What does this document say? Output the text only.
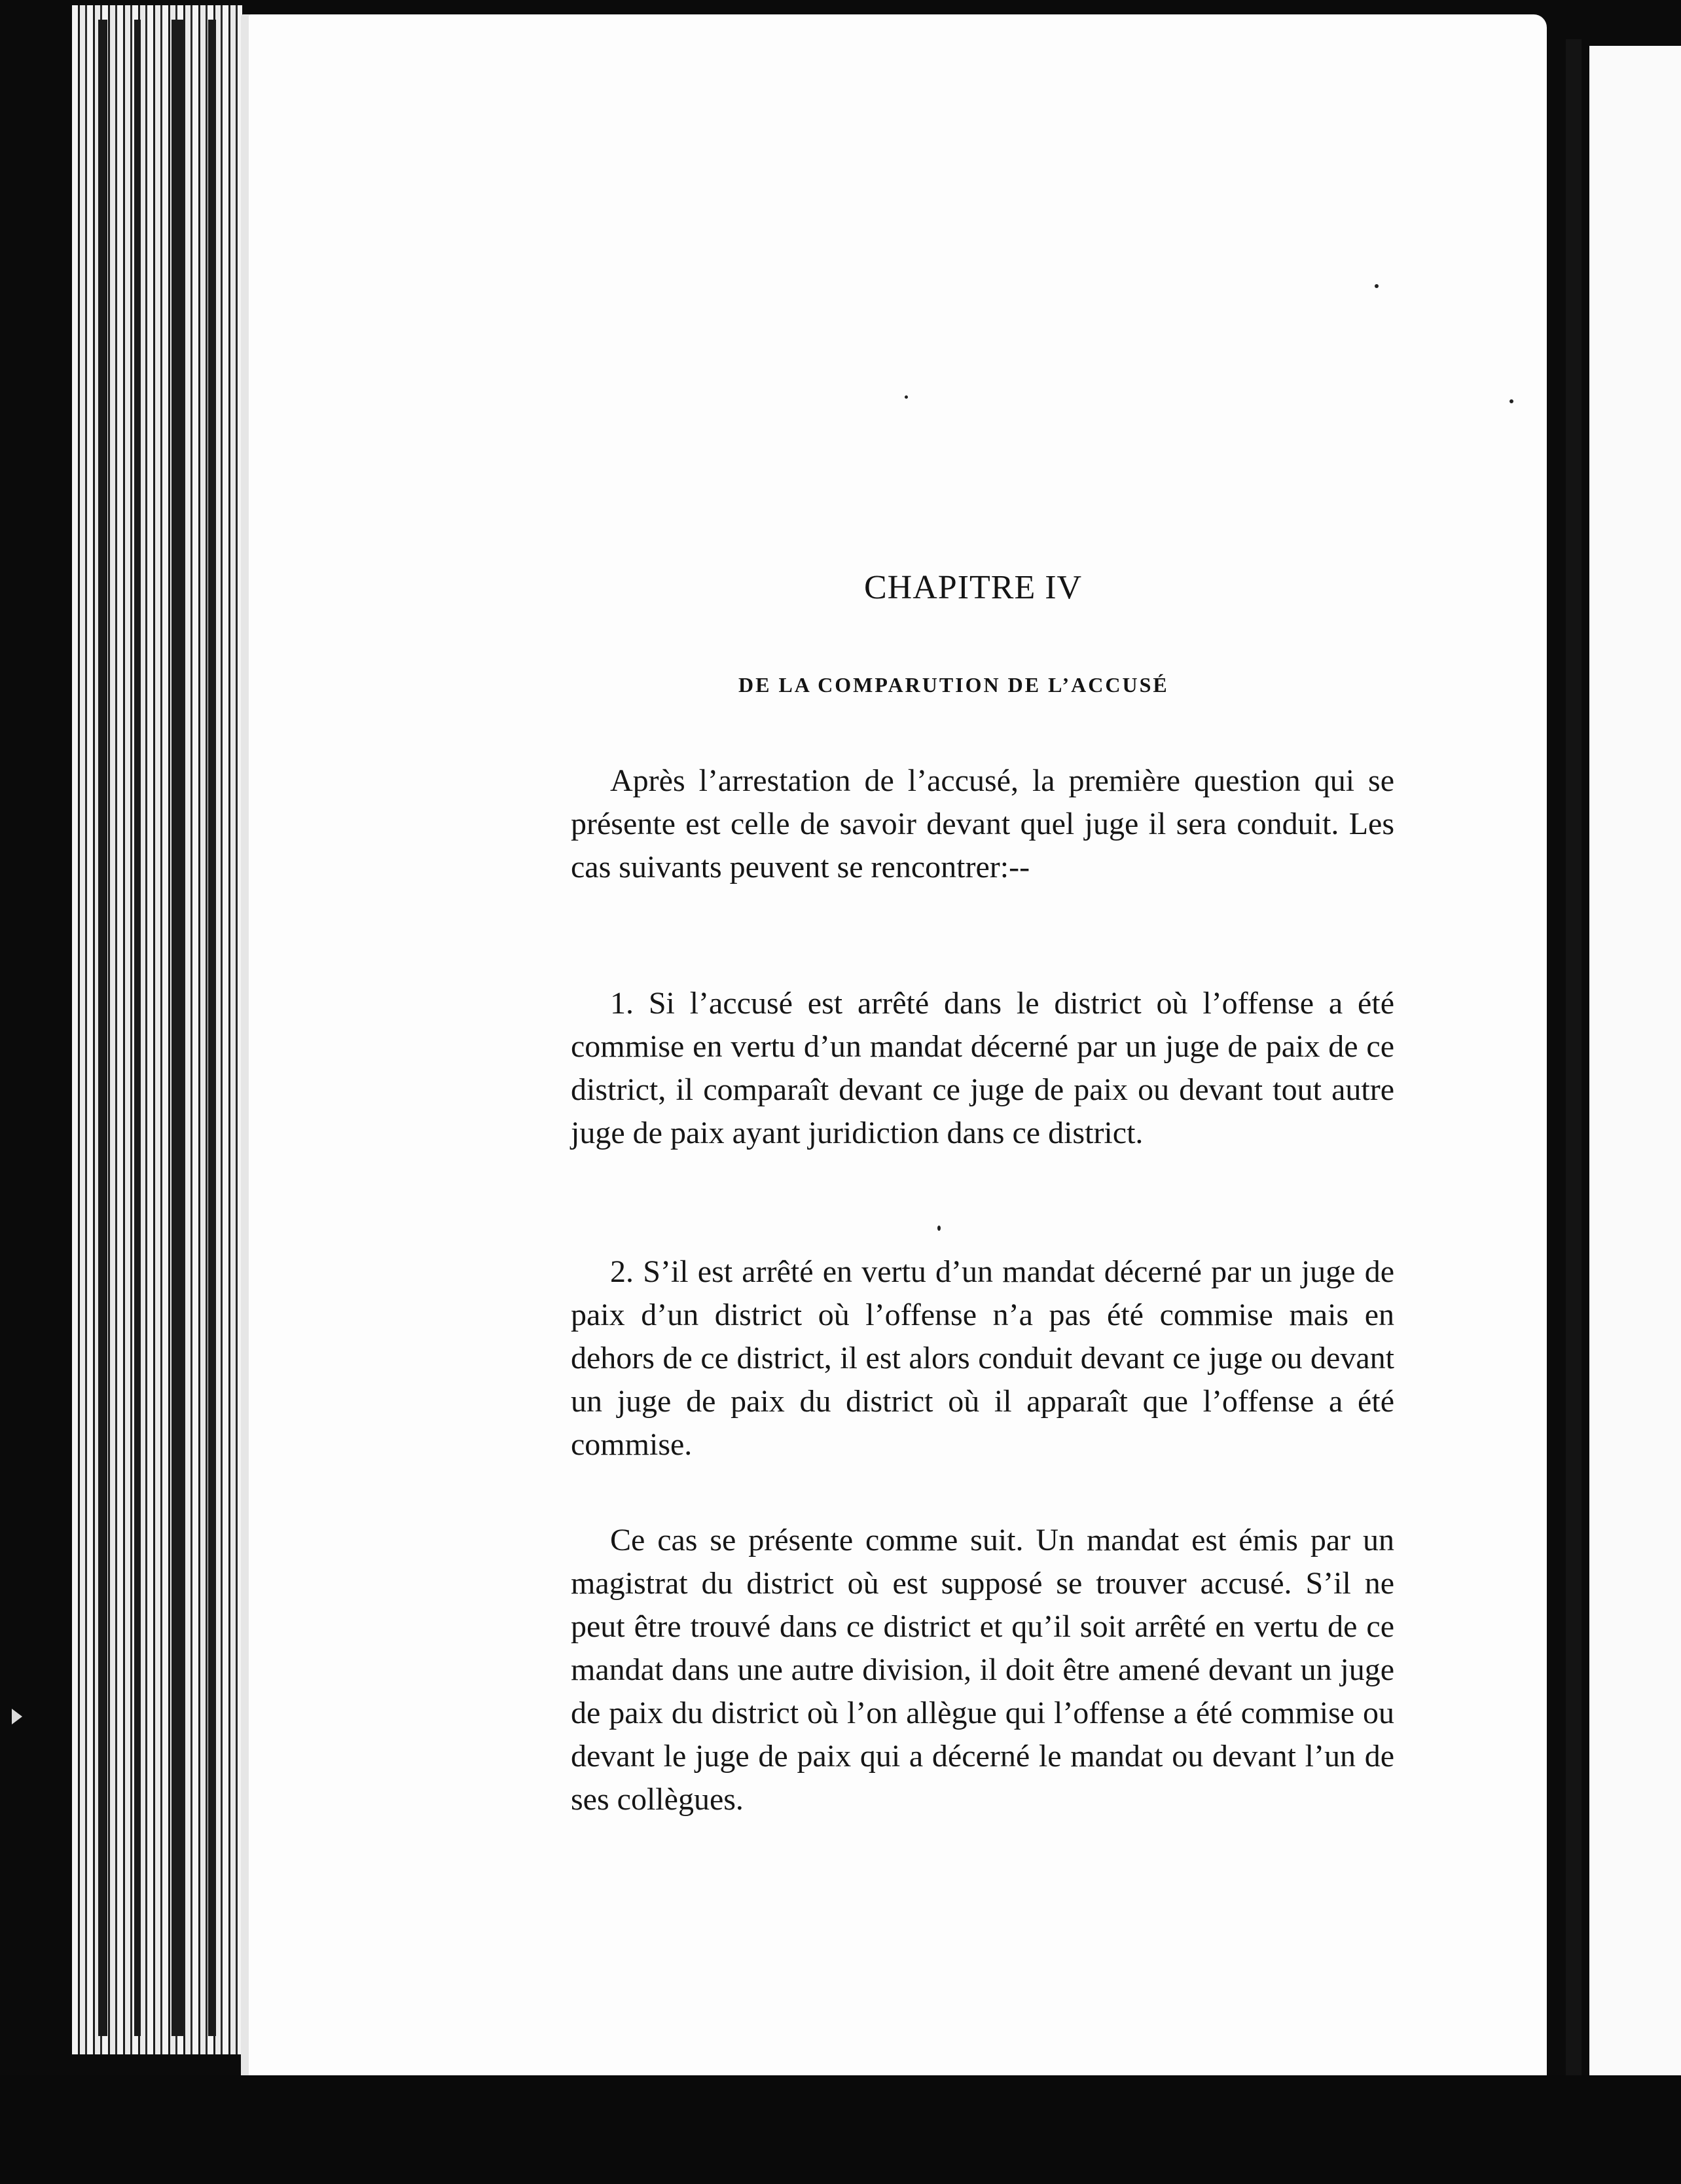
CHAPITRE IV
DE LA COMPARUTION DE L’ACCUSÉ

Après l’arrestation de l’accusé, la première question qui se présente est celle de savoir devant quel juge il sera conduit. Les cas suivants peuvent se rencontrer:--

1. Si l’accusé est arrêté dans le district où l’offense a été commise en vertu d’un mandat décerné par un juge de paix de ce district, il comparaît devant ce juge de paix ou devant tout autre juge de paix ayant juridiction dans ce district.

2. S’il est arrêté en vertu d’un mandat décerné par un juge de paix d’un district où l’offense n’a pas été commise mais en dehors de ce district, il est alors conduit devant ce juge ou devant un juge de paix du district où il apparaît que l’offense a été commise.

Ce cas se présente comme suit. Un mandat est émis par un magistrat du district où est supposé se trouver accusé. S’il ne peut être trouvé dans ce district et qu’il soit arrêté en vertu de ce mandat dans une autre division, il doit être amené devant un juge de paix du district où l’on allègue qui l’offense a été commise ou devant le juge de paix qui a décerné le mandat ou devant l’un de ses collègues.
